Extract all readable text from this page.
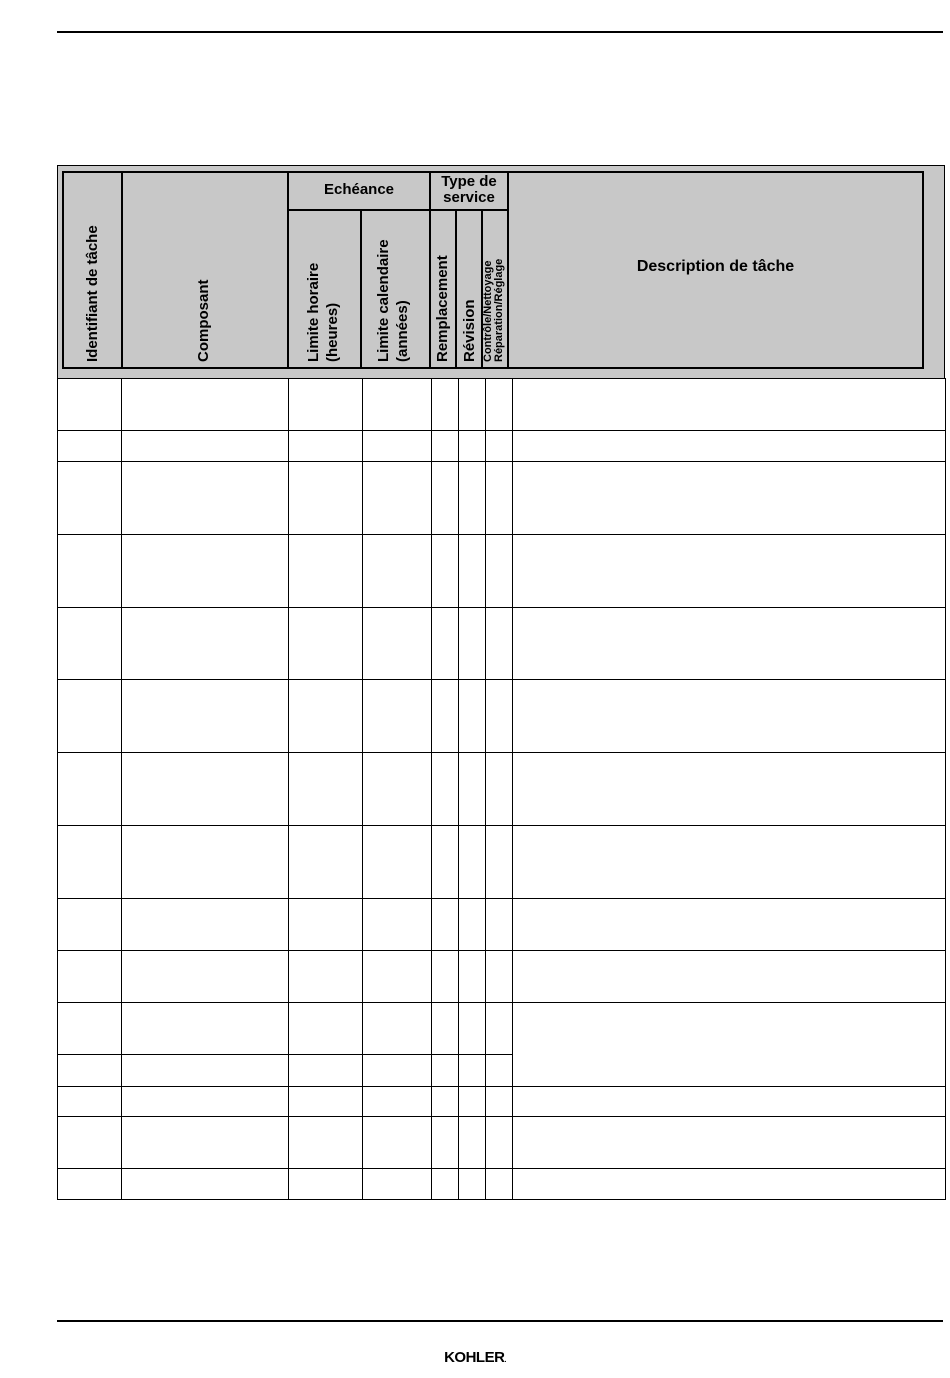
Identifiant de tâche	Composant
Echéance
Limite horaire (heures) Limite calendaire (années)
Type de
service
Remplacement Révision Contrôle/Nettoyage Réparation/Réglage	Description de tâche
KOHLER.
